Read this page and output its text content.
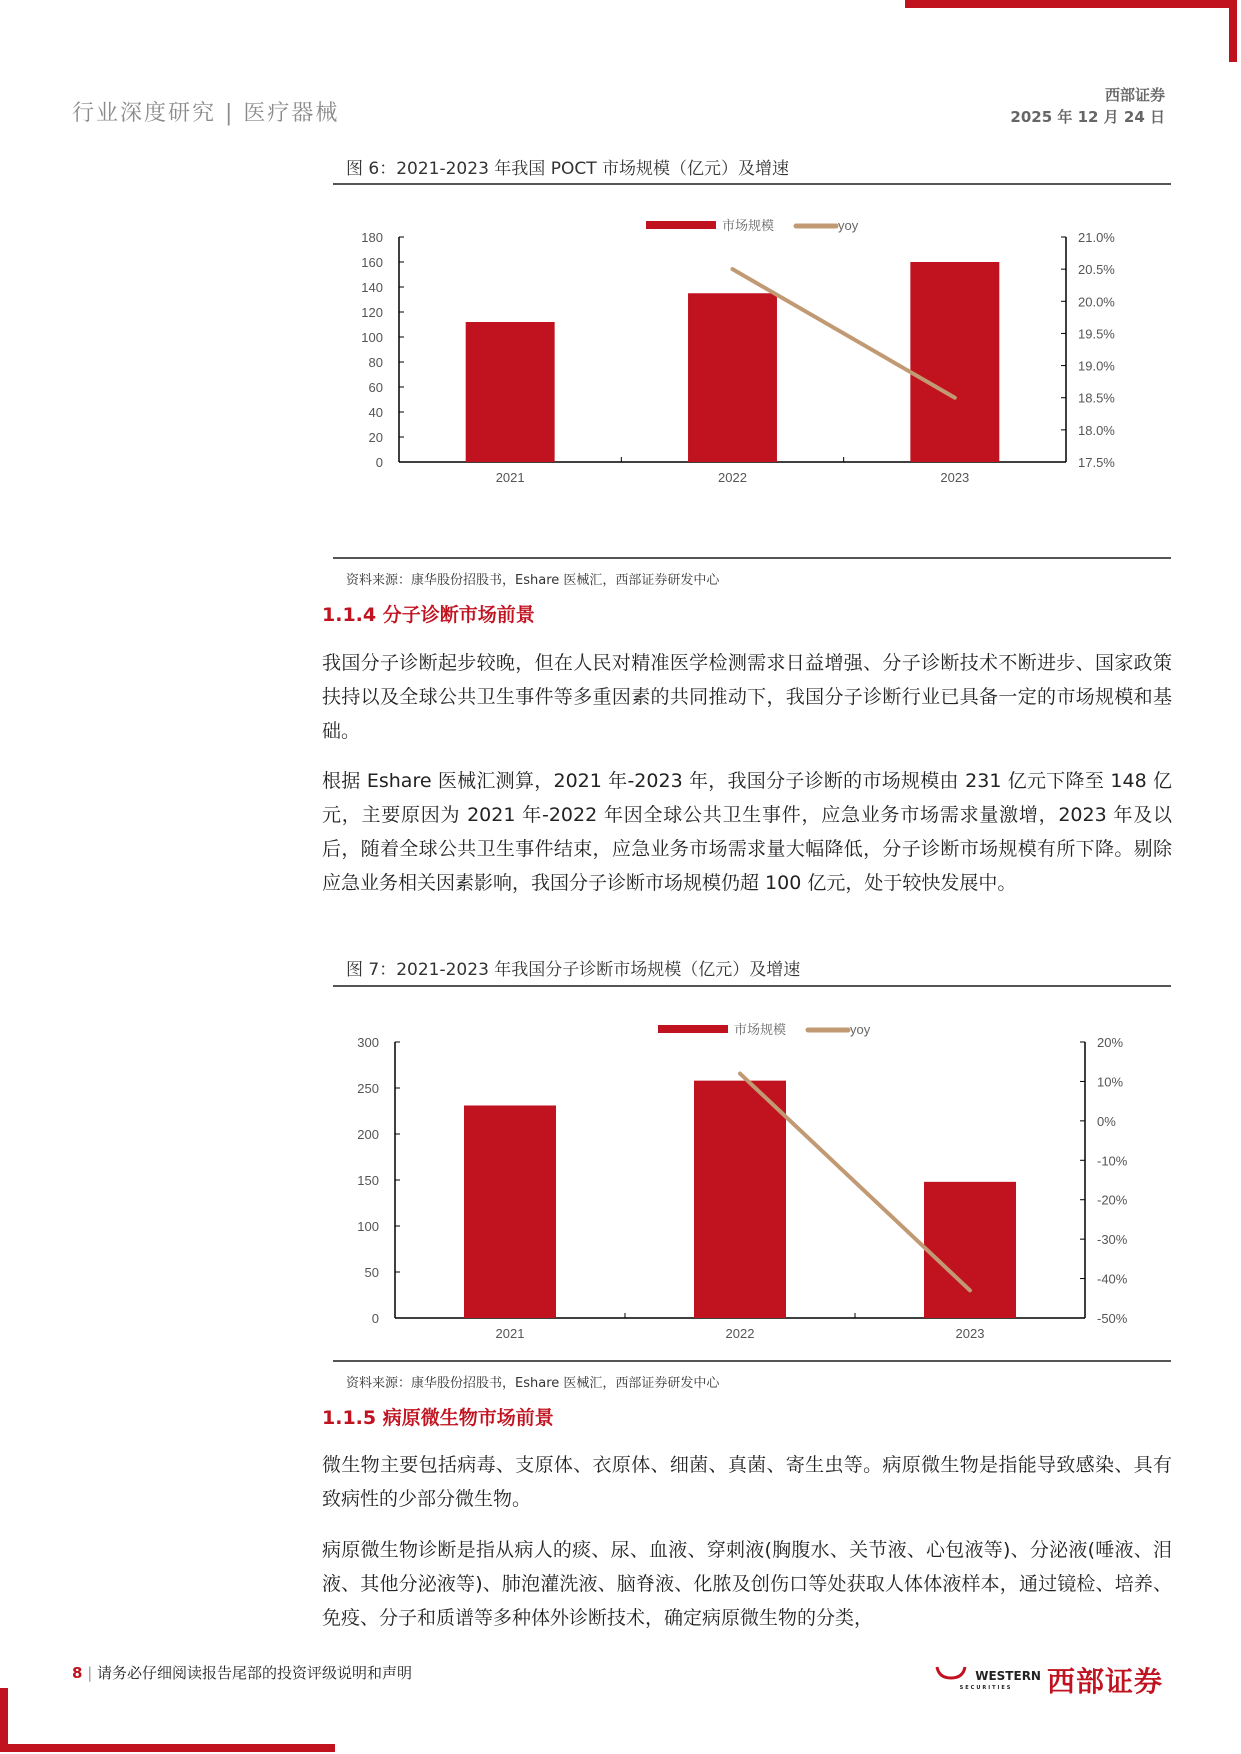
行业深度研究 | 医疗器械
西部证券
2025 年 12 月 24 日
图 6：2021-2023 年我国 POCT 市场规模（亿元）及增速
0
20
40
60
80
100
120
140
160
180
17.5%
18.0%
18.5%
19.0%
19.5%
20.0%
20.5%
21.0%
2021	2022	2023
市场规模	yoy
资料来源：康华股份招股书，Eshare 医械汇，西部证券研发中心
1.1.4 分子诊断市场前景
我国分子诊断起步较晚，但在人民对精准医学检测需求日益增强、分子诊断技术不断进步、国家政策扶持以及全球公共卫生事件等多重因素的共同推动下，我国分子诊断行业已具备一定的市场规模和基础。
根据 Eshare 医械汇测算，2021 年-2023 年，我国分子诊断的市场规模由 231 亿元下降至 148 亿元，主要原因为 2021 年-2022 年因全球公共卫生事件，应急业务市场需求量激增，2023 年及以后，随着全球公共卫生事件结束，应急业务市场需求量大幅降低，分子诊断市场规模有所下降。剔除应急业务相关因素影响，我国分子诊断市场规模仍超 100 亿元，处于较快发展中。
图 7：2021-2023 年我国分子诊断市场规模（亿元）及增速
0
50
100
150
200
250
300
-50%
-40%
-30%
-20%
-10%
0%
10%
20%
2021	2022	2023
市场规模	yoy
资料来源：康华股份招股书，Eshare 医械汇，西部证券研发中心
1.1.5 病原微生物市场前景
微生物主要包括病毒、支原体、衣原体、细菌、真菌、寄生虫等。病原微生物是指能导致感染、具有致病性的少部分微生物。
病原微生物诊断是指从病人的痰、尿、血液、穿刺液(胸腹水、关节液、心包液等)、分泌液(唾液、泪液、其他分泌液等)、肺泡灌洗液、脑脊液、化脓及创伤口等处获取人体体液样本，通过镜检、培养、免疫、分子和质谱等多种体外诊断技术，确定病原微生物的分类，
8 | 请务必仔细阅读报告尾部的投资评级说明和声明	WESTERN
SECURITIES	西部证券
